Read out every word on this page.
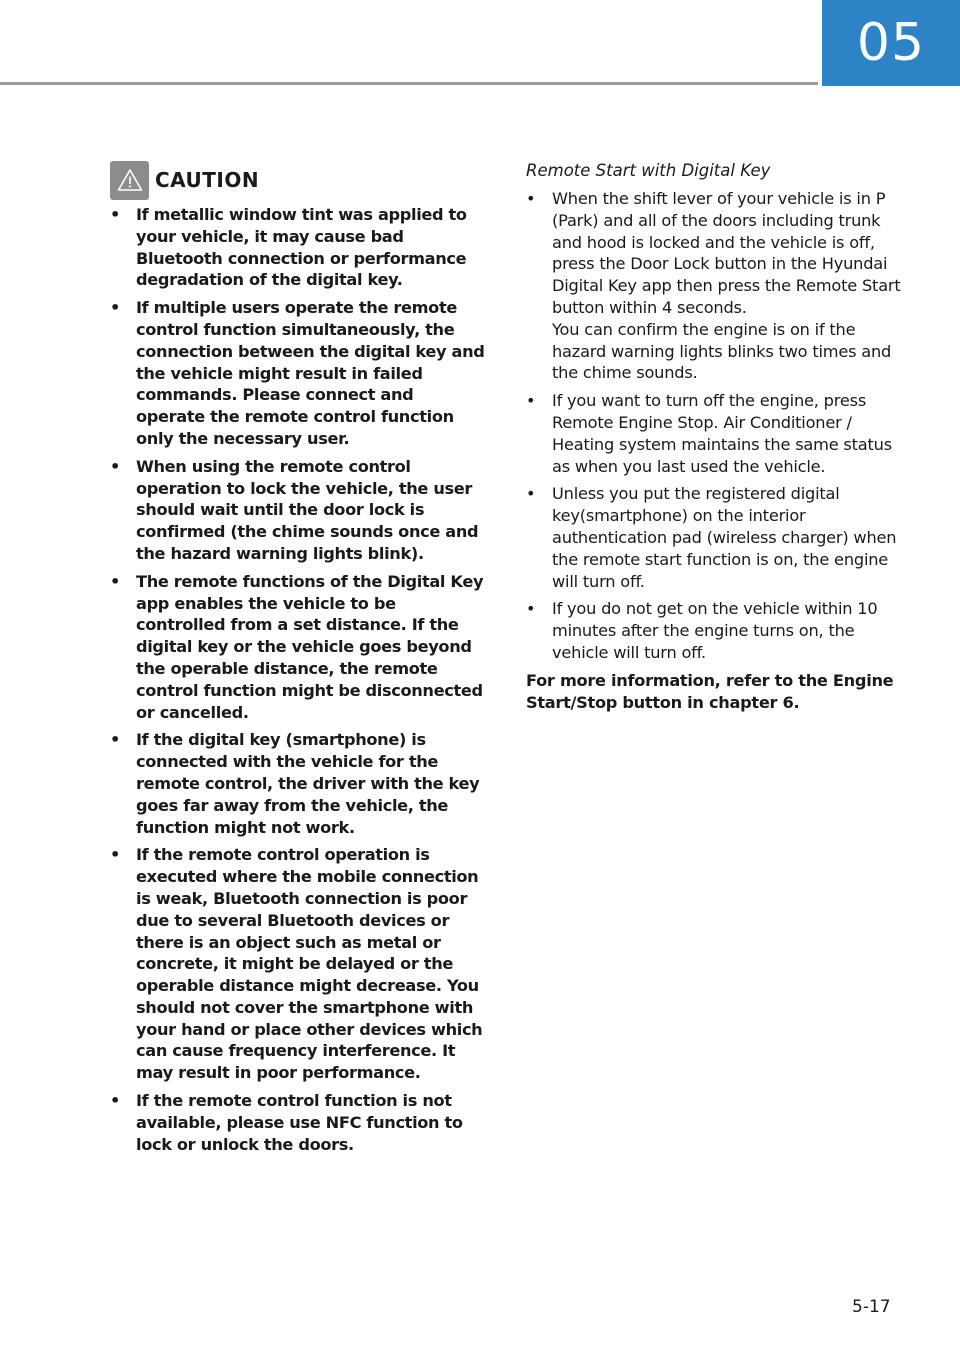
05
CAUTION
• If metallic window tint was applied to your vehicle, it may cause bad Bluetooth connection or performance degradation of the digital key.
• If multiple users operate the remote control function simultaneously, the connection between the digital key and the vehicle might result in failed commands. Please connect and operate the remote control function only the necessary user.
• When using the remote control operation to lock the vehicle, the user should wait until the door lock is confirmed (the chime sounds once and the hazard warning lights blink).
• The remote functions of the Digital Key app enables the vehicle to be controlled from a set distance. If the digital key or the vehicle goes beyond the operable distance, the remote control function might be disconnected or cancelled.
• If the digital key (smartphone) is connected with the vehicle for the remote control, the driver with the key goes far away from the vehicle, the function might not work.
• If the remote control operation is executed where the mobile connection is weak, Bluetooth connection is poor due to several Bluetooth devices or there is an object such as metal or concrete, it might be delayed or the operable distance might decrease. You should not cover the smartphone with your hand or place other devices which can cause frequency interference. It may result in poor performance.
• If the remote control function is not available, please use NFC function to lock or unlock the doors.
Remote Start with Digital Key
• When the shift lever of your vehicle is in P (Park) and all of the doors including trunk and hood is locked and the vehicle is off, press the Door Lock button in the Hyundai Digital Key app then press the Remote Start button within 4 seconds.
You can confirm the engine is on if the hazard warning lights blinks two times and the chime sounds.
• If you want to turn off the engine, press Remote Engine Stop. Air Conditioner / Heating system maintains the same status as when you last used the vehicle.
• Unless you put the registered digital key(smartphone) on the interior authentication pad (wireless charger) when the remote start function is on, the engine will turn off.
• If you do not get on the vehicle within 10 minutes after the engine turns on, the vehicle will turn off.
For more information, refer to the Engine Start/Stop button in chapter 6.
5-17
